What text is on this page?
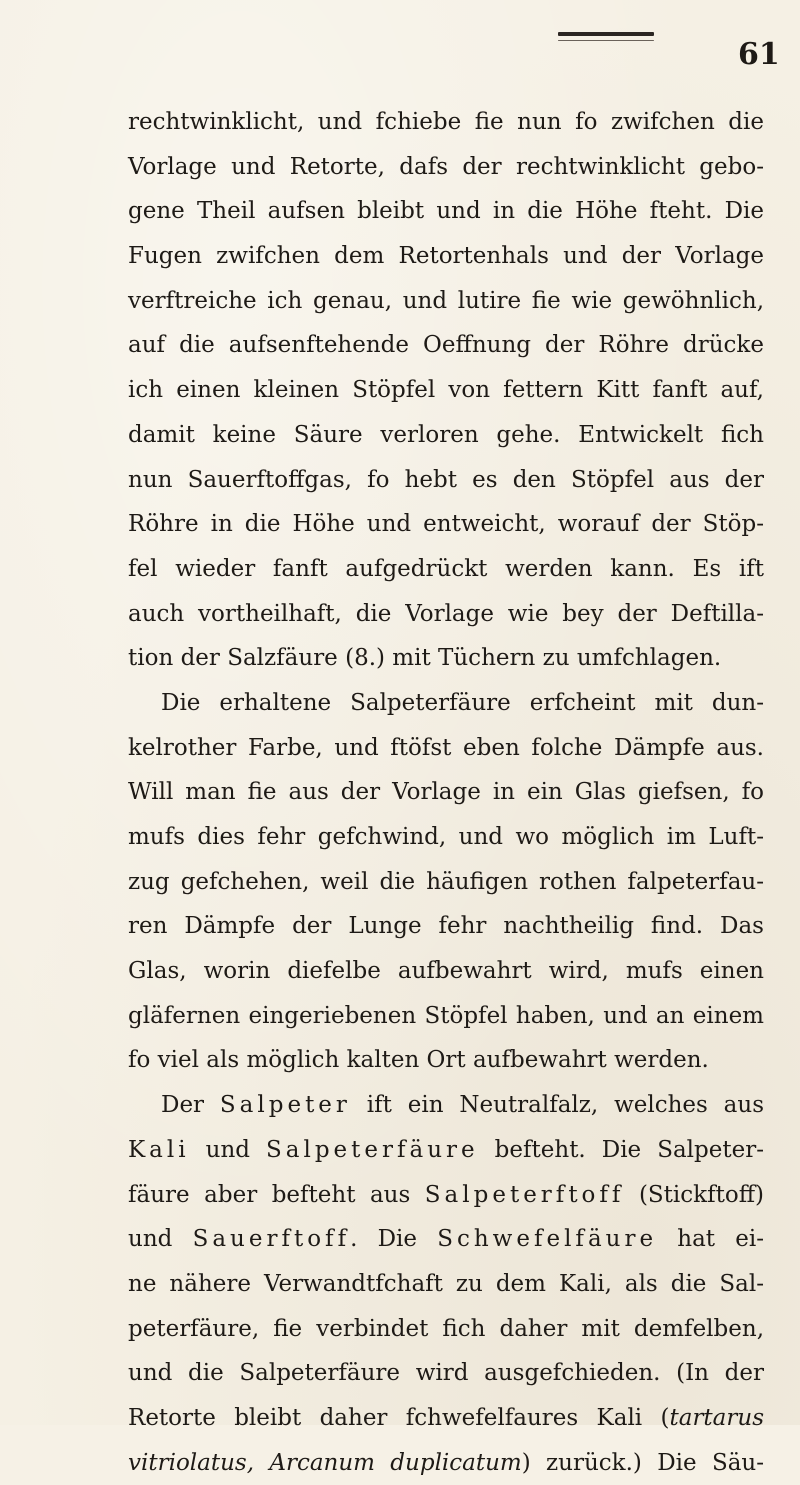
61
rechtwinklicht, und fchiebe fie nun fo zwifchen die
Vorlage und Retorte, dafs der rechtwinklicht gebo-
gene Theil aufsen bleibt und in die Höhe fteht. Die
Fugen zwifchen dem Retortenhals und der Vorlage
verftreiche ich genau, und lutire fie wie gewöhnlich,
auf die aufsenftehende Oeffnung der Röhre drücke
ich einen kleinen Stöpfel von fettern Kitt fanft auf,
damit keine Säure verloren gehe. Entwickelt fich
nun Sauerftoffgas, fo hebt es den Stöpfel aus der
Röhre in die Höhe und entweicht, worauf der Stöp-
fel wieder fanft aufgedrückt werden kann. Es ift
auch vortheilhaft, die Vorlage wie bey der Deftilla-
tion der Salzfäure (8.) mit Tüchern zu umfchlagen.
Die erhaltene Salpeterfäure erfcheint mit dun-
kelrother Farbe, und ftöfst eben folche Dämpfe aus.
Will man fie aus der Vorlage in ein Glas giefsen, fo
mufs dies fehr gefchwind, und wo möglich im Luft-
zug gefchehen, weil die häufigen rothen falpeterfau-
ren Dämpfe der Lunge fehr nachtheilig find. Das
Glas, worin diefelbe aufbewahrt wird, mufs einen
gläfernen eingeriebenen Stöpfel haben, und an einem
fo viel als möglich kalten Ort aufbewahrt werden.
Der Salpeter ift ein Neutralfalz, welches aus
Kali und Salpeterfäure befteht. Die Salpeter-
fäure aber befteht aus Salpeterftoff (Stickftoff)
und Sauerftoff. Die Schwefelfäure hat ei-
ne nähere Verwandtfchaft zu dem Kali, als die Sal-
peterfäure, fie verbindet fich daher mit demfelben,
und die Salpeterfäure wird ausgefchieden. (In der
Retorte bleibt daher fchwefelfaures Kali (tartarus
vitriolatus, Arcanum duplicatum) zurück.) Die Säu-
